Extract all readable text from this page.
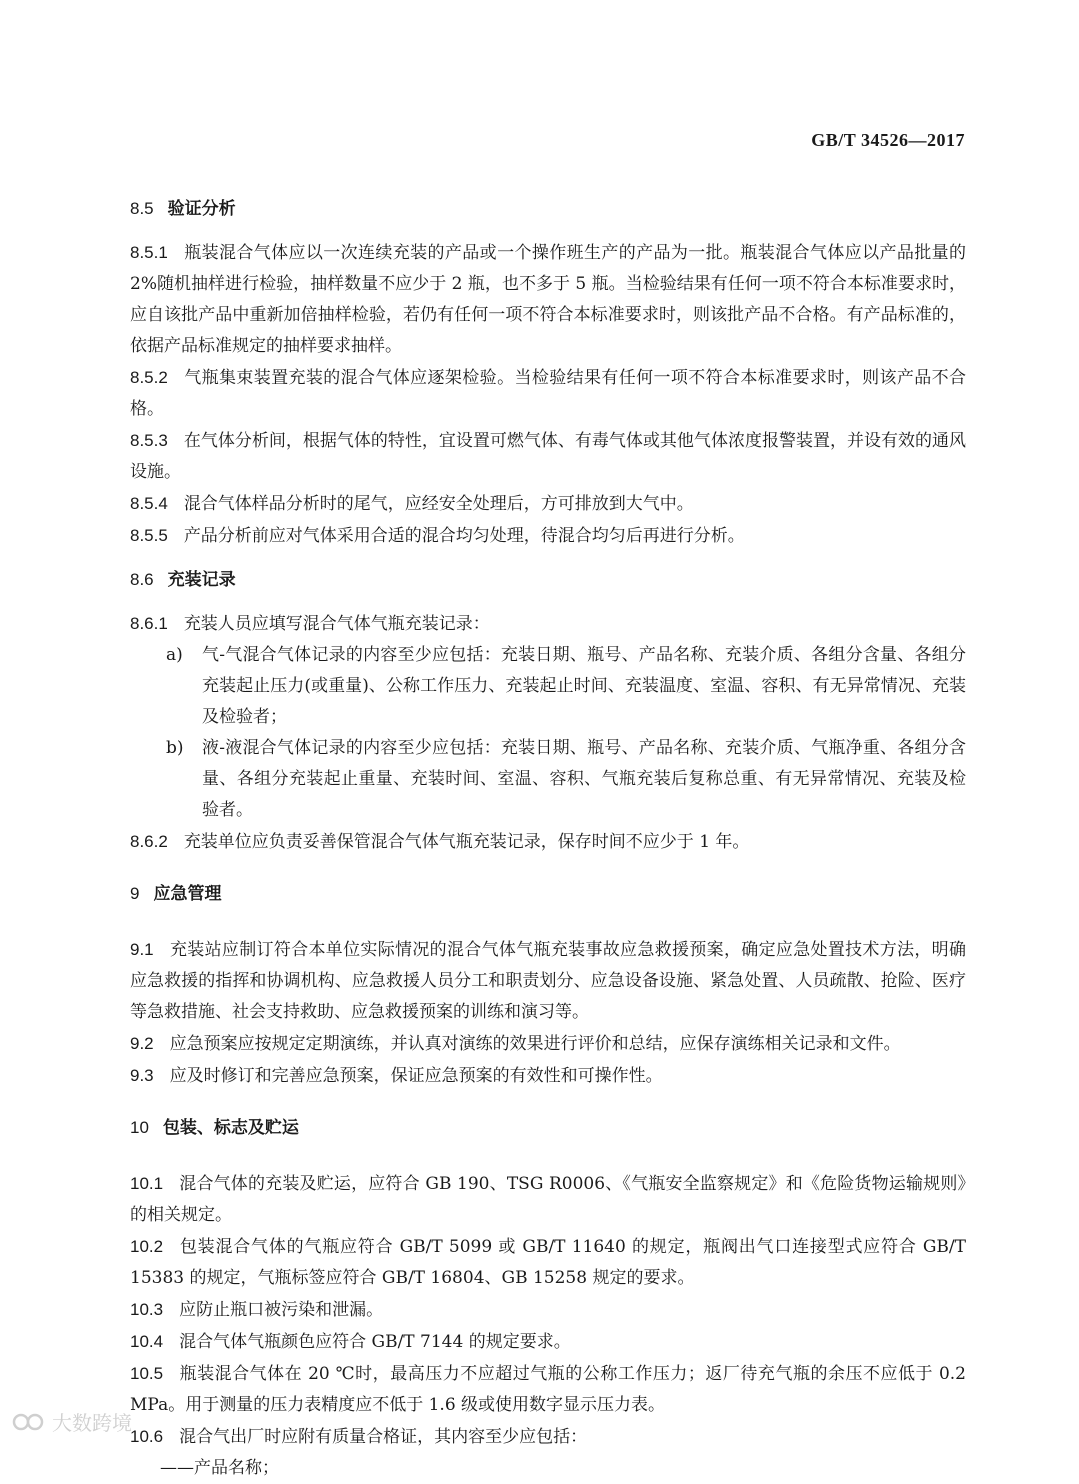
GB/T 34526—2017
8.5 验证分析
8.5.1 瓶装混合气体应以一次连续充装的产品或一个操作班生产的产品为一批。瓶装混合气体应以产品批量的 2%随机抽样进行检验，抽样数量不应少于 2 瓶，也不多于 5 瓶。当检验结果有任何一项不符合本标准要求时，应自该批产品中重新加倍抽样检验，若仍有任何一项不符合本标准要求时，则该批产品不合格。有产品标准的，依据产品标准规定的抽样要求抽样。
8.5.2 气瓶集束装置充装的混合气体应逐架检验。当检验结果有任何一项不符合本标准要求时，则该产品不合格。
8.5.3 在气体分析间，根据气体的特性，宜设置可燃气体、有毒气体或其他气体浓度报警装置，并设有效的通风设施。
8.5.4 混合气体样品分析时的尾气，应经安全处理后，方可排放到大气中。
8.5.5 产品分析前应对气体采用合适的混合均匀处理，待混合均匀后再进行分析。
8.6 充装记录
8.6.1 充装人员应填写混合气体气瓶充装记录：
a) 气-气混合气体记录的内容至少应包括：充装日期、瓶号、产品名称、充装介质、各组分含量、各组分充装起止压力(或重量)、公称工作压力、充装起止时间、充装温度、室温、容积、有无异常情况、充装及检验者；
b) 液-液混合气体记录的内容至少应包括：充装日期、瓶号、产品名称、充装介质、气瓶净重、各组分含量、各组分充装起止重量、充装时间、室温、容积、气瓶充装后复称总重、有无异常情况、充装及检验者。
8.6.2 充装单位应负责妥善保管混合气体气瓶充装记录，保存时间不应少于 1 年。
9 应急管理
9.1 充装站应制订符合本单位实际情况的混合气体气瓶充装事故应急救援预案，确定应急处置技术方法，明确应急救援的指挥和协调机构、应急救援人员分工和职责划分、应急设备设施、紧急处置、人员疏散、抢险、医疗等急救措施、社会支持救助、应急救援预案的训练和演习等。
9.2 应急预案应按规定定期演练，并认真对演练的效果进行评价和总结，应保存演练相关记录和文件。
9.3 应及时修订和完善应急预案，保证应急预案的有效性和可操作性。
10 包装、标志及贮运
10.1 混合气体的充装及贮运，应符合 GB 190、TSG R0006、《气瓶安全监察规定》和《危险货物运输规则》的相关规定。
10.2 包装混合气体的气瓶应符合 GB/T 5099 或 GB/T 11640 的规定，瓶阀出气口连接型式应符合 GB/T 15383 的规定，气瓶标签应符合 GB/T 16804、GB 15258 规定的要求。
10.3 应防止瓶口被污染和泄漏。
10.4 混合气体气瓶颜色应符合 GB/T 7144 的规定要求。
10.5 瓶装混合气体在 20 ℃时，最高压力不应超过气瓶的公称工作压力；返厂待充气瓶的余压不应低于 0.2 MPa。用于测量的压力表精度应不低于 1.6 级或使用数字显示压力表。
10.6 混合气出厂时应附有质量合格证，其内容至少应包括：
——产品名称；
大数跨境
